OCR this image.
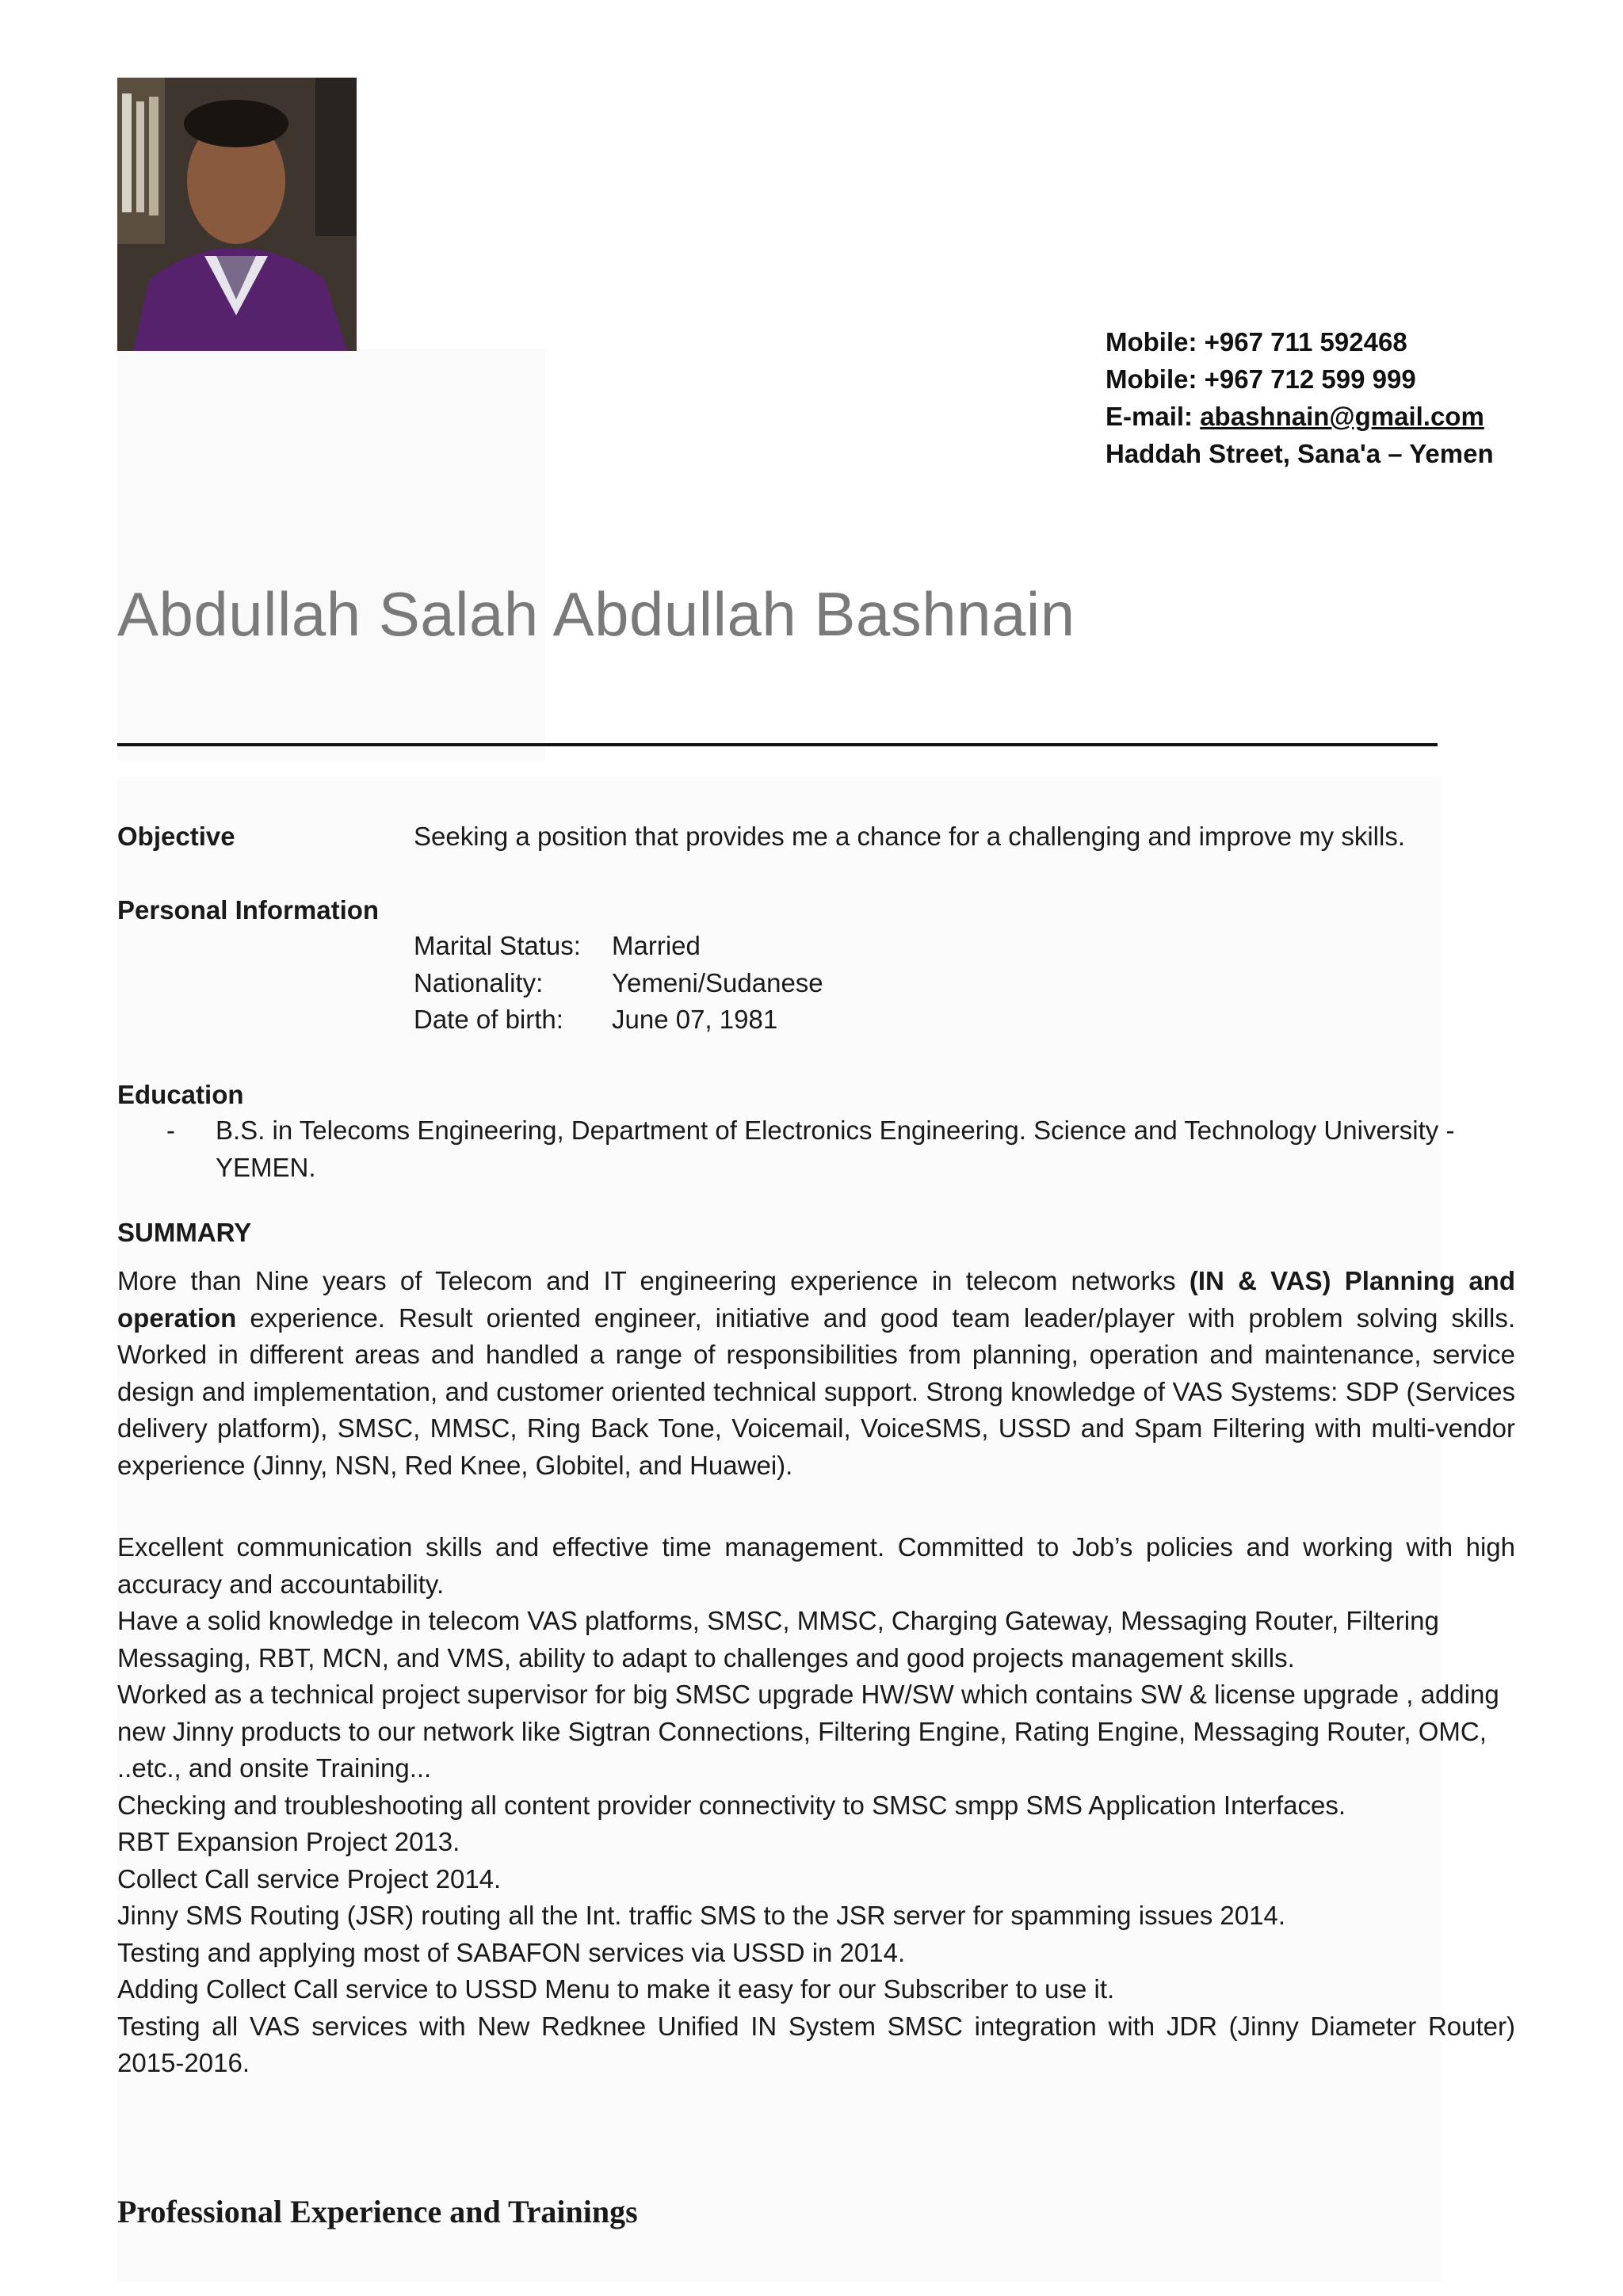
Mobile: +967 711 592468
Mobile: +967 712 599 999
E-mail: abashnain@gmail.com
Haddah Street, Sana'a – Yemen
Abdullah Salah Abdullah Bashnain
Objective	Seeking a position that provides me a chance for a challenging and improve my skills.
Personal Information
Marital Status:	Married
Nationality:	Yemeni/Sudanese
Date of birth:	June 07, 1981
Education
- B.S. in Telecoms Engineering, Department of Electronics Engineering. Science and Technology University - YEMEN.
SUMMARY
More than Nine years of Telecom and IT engineering experience in telecom networks (IN & VAS) Planning and operation experience. Result oriented engineer, initiative and good team leader/player with problem solving skills. Worked in different areas and handled a range of responsibilities from planning, operation and maintenance, service design and implementation, and customer oriented technical support. Strong knowledge of VAS Systems: SDP (Services delivery platform), SMSC, MMSC, Ring Back Tone, Voicemail, VoiceSMS, USSD and Spam Filtering with multi-vendor experience (Jinny, NSN, Red Knee, Globitel, and Huawei).
Excellent communication skills and effective time management. Committed to Job’s policies and working with high accuracy and accountability.
Have a solid knowledge in telecom VAS platforms, SMSC, MMSC, Charging Gateway, Messaging Router, Filtering Messaging, RBT, MCN, and VMS, ability to adapt to challenges and good projects management skills.
Worked as a technical project supervisor for big SMSC upgrade HW/SW which contains SW & license upgrade , adding new Jinny products to our network like Sigtran Connections, Filtering Engine, Rating Engine, Messaging Router, OMC, ..etc., and onsite Training...
Checking and troubleshooting all content provider connectivity to SMSC smpp SMS Application Interfaces.
RBT Expansion Project 2013.
Collect Call service Project 2014.
Jinny SMS Routing (JSR) routing all the Int. traffic SMS to the JSR server for spamming issues 2014.
Testing and applying most of SABAFON services via USSD in 2014.
Adding Collect Call service to USSD Menu to make it easy for our Subscriber to use it.
Testing all VAS services with New Redknee Unified IN System SMSC integration with JDR (Jinny Diameter Router) 2015-2016.
Professional Experience and Trainings
